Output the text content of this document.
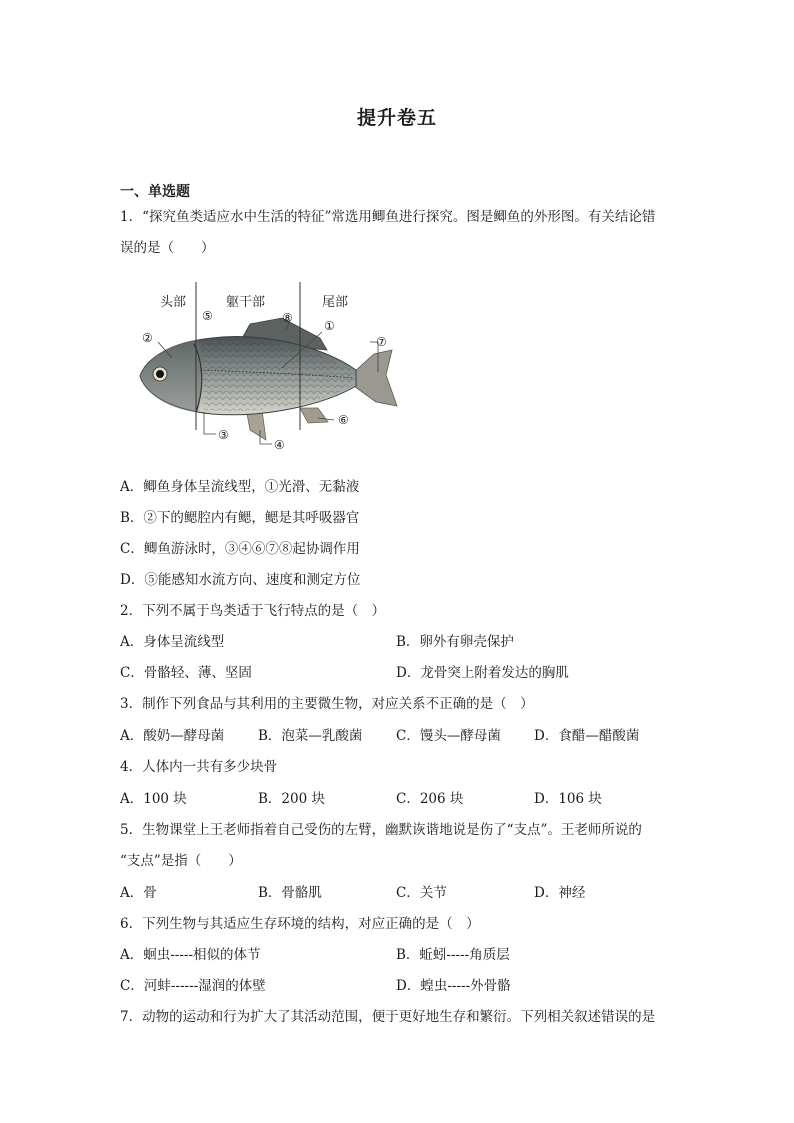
提升卷五
一、单选题
1．“探究鱼类适应水中生活的特征”常选用鲫鱼进行探究。图是鲫鱼的外形图。有关结论错
误的是（　　）
头部	躯干部	尾部
⑤	⑧
①
②	⑦
⑥
③
④
A．鲫鱼身体呈流线型，①光滑、无黏液
B．②下的鳃腔内有鳃，鳃是其呼吸器官
C．鲫鱼游泳时，③④⑥⑦⑧起协调作用
D．⑤能感知水流方向、速度和测定方位
2．下列不属于鸟类适于飞行特点的是（　）
A．身体呈流线型	B．卵外有卵壳保护
C．骨骼轻、薄、坚固	D．龙骨突上附着发达的胸肌
3．制作下列食品与其利用的主要微生物，对应关系不正确的是（　）
A．酸奶—酵母菌	B．泡菜—乳酸菌 C．馒头—酵母菌 D．食醋—醋酸菌
4．人体内一共有多少块骨
A．100 块	B．200 块	C．206 块	D．106 块
5．生物课堂上王老师指着自己受伤的左臂，幽默诙谐地说是伤了“支点”。王老师所说的
“支点”是指（　　）
A．骨	B．骨骼肌	C．关节	D．神经
6．下列生物与其适应生存环境的结构，对应正确的是（　）
A．蛔虫-----相似的体节	B．蚯蚓-----角质层
C．河蚌------湿润的体壁	D．蝗虫-----外骨骼
7．动物的运动和行为扩大了其活动范围，便于更好地生存和繁衍。下列相关叙述错误的是
